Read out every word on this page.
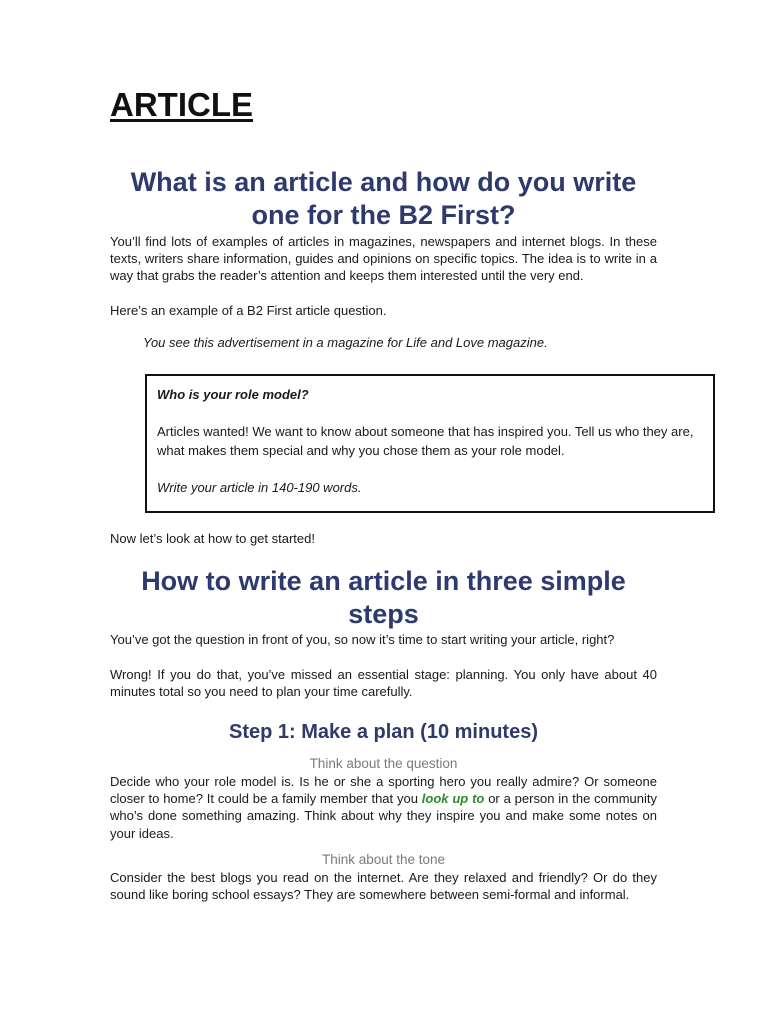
ARTICLE
What is an article and how do you write one for the B2 First?

You’ll find lots of examples of articles in magazines, newspapers and internet blogs. In these texts, writers share information, guides and opinions on specific topics. The idea is to write in a way that grabs the reader’s attention and keeps them interested until the very end.

Here’s an example of a B2 First article question.

You see this advertisement in a magazine for Life and Love magazine.

Who is your role model?

Articles wanted! We want to know about someone that has inspired you. Tell us who they are, what makes them special and why you chose them as your role model.

Write your article in 140-190 words.

Now let’s look at how to get started!

How to write an article in three simple steps

You’ve got the question in front of you, so now it’s time to start writing your article, right?

Wrong! If you do that, you’ve missed an essential stage: planning. You only have about 40 minutes total so you need to plan your time carefully.

Step 1: Make a plan (10 minutes)

Think about the question

Decide who your role model is. Is he or she a sporting hero you really admire? Or someone closer to home? It could be a family member that you look up to or a person in the community who’s done something amazing. Think about why they inspire you and make some notes on your ideas.

Think about the tone

Consider the best blogs you read on the internet. Are they relaxed and friendly? Or do they sound like boring school essays? They are somewhere between semi-formal and informal.
